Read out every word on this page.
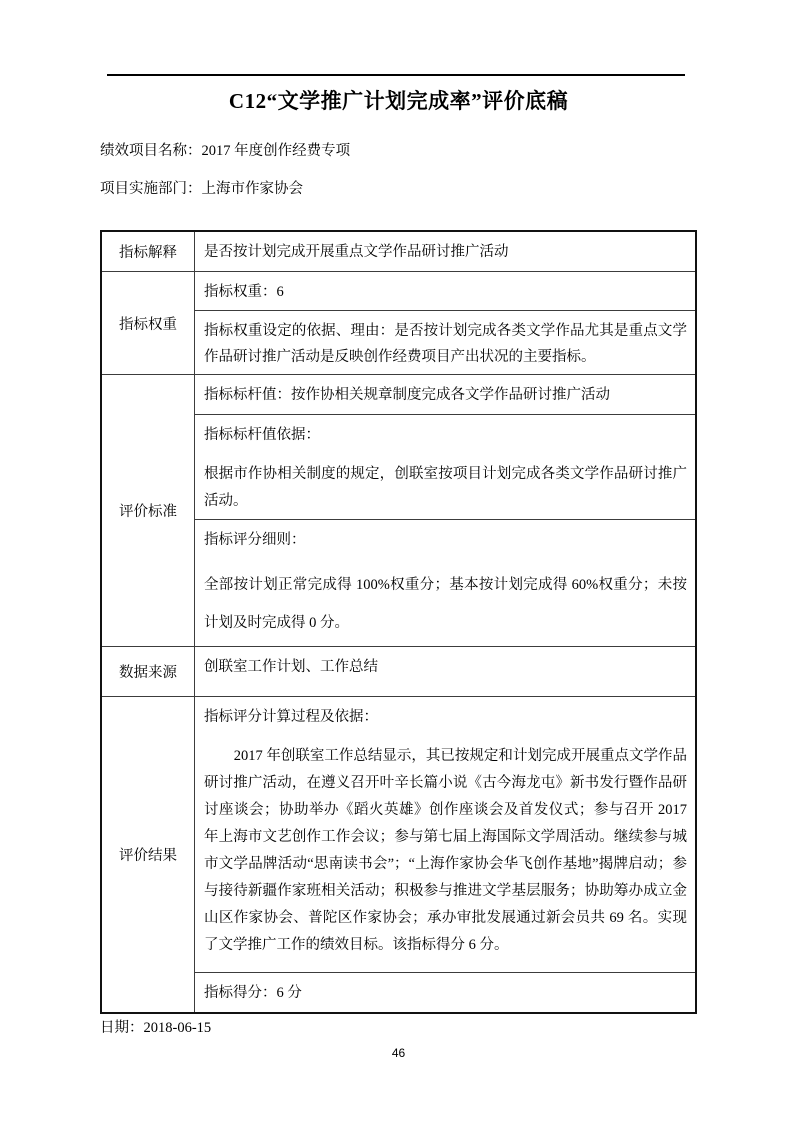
C12“文学推广计划完成率”评价底稿
绩效项目名称：2017 年度创作经费专项
项目实施部门：上海市作家协会
指标解释	是否按计划完成开展重点文学作品研讨推广活动

指标权重

指标权重：6

指标权重设定的依据、理由：是否按计划完成各类文学作品尤其是重点文学作品研讨推广活动是反映创作经费项目产出状况的主要指标。

评价标准

指标标杆值：按作协相关规章制度完成各文学作品研讨推广活动

指标标杆值依据：

根据市作协相关制度的规定，创联室按项目计划完成各类文学作品研讨推广活动。

指标评分细则：

全部按计划正常完成得 100%权重分；基本按计划完成得 60%权重分；未按计划及时完成得 0 分。

数据来源	创联室工作计划、工作总结

评价结果

指标评分计算过程及依据：

2017 年创联室工作总结显示，其已按规定和计划完成开展重点文学作品研讨推广活动，在遵义召开叶辛长篇小说《古今海龙屯》新书发行暨作品研讨座谈会；协助举办《蹈火英雄》创作座谈会及首发仪式；参与召开 2017 年上海市文艺创作工作会议；参与第七届上海国际文学周活动。继续参与城市文学品牌活动“思南读书会”；“上海作家协会华飞创作基地”揭牌启动；参与接待新疆作家班相关活动；积极参与推进文学基层服务；协助筹办成立金山区作家协会、普陀区作家协会；承办审批发展通过新会员共 69 名。实现了文学推广工作的绩效目标。该指标得分 6 分。

指标得分：6 分

日期：2018-06-15
46
